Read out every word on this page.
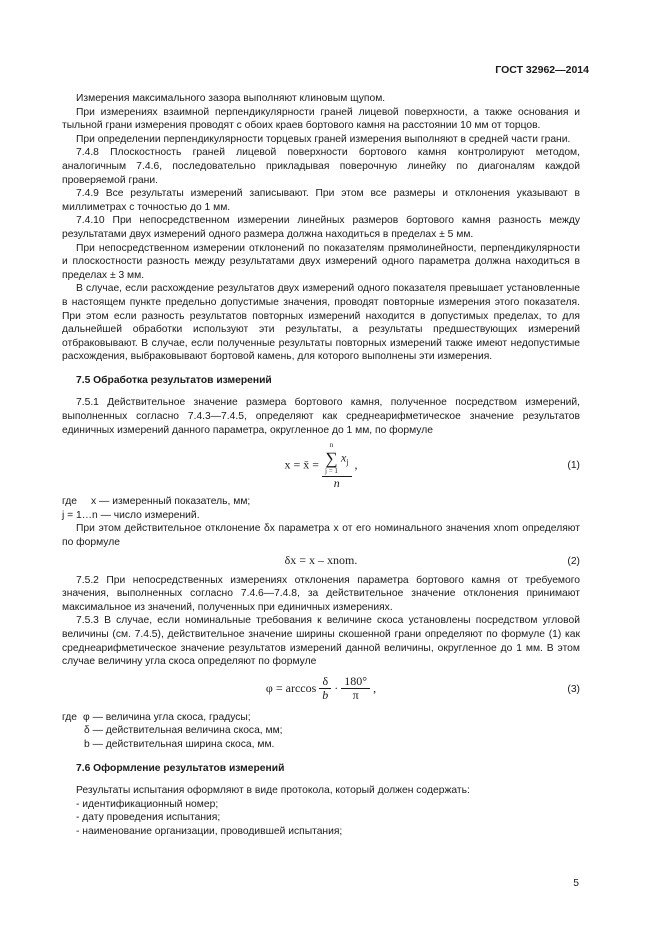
ГОСТ 32962—2014

Измерения максимального зазора выполняют клиновым щупом.

При измерениях взаимной перпендикулярности граней лицевой поверхности, а также основания и тыльной грани измерения проводят с обоих краев бортового камня на расстоянии 10 мм от торцов.

При определении перпендикулярности торцевых граней измерения выполняют в средней части грани.

7.4.8 Плоскостность граней лицевой поверхности бортового камня контролируют методом, аналогичным 7.4.6, последовательно прикладывая поверочную линейку по диагоналям каждой проверяемой грани.

7.4.9 Все результаты измерений записывают. При этом все размеры и отклонения указывают в миллиметрах с точностью до 1 мм.

7.4.10 При непосредственном измерении линейных размеров бортового камня разность между результатами двух измерений одного размера должна находиться в пределах ± 5 мм.

При непосредственном измерении отклонений по показателям прямолинейности, перпендикулярности и плоскостности разность между результатами двух измерений одного параметра должна находиться в пределах ± 3 мм.

В случае, если расхождение результатов двух измерений одного показателя превышает установленные в настоящем пункте предельно допустимые значения, проводят повторные измерения этого показателя. При этом если разность результатов повторных измерений находится в допустимых пределах, то для дальнейшей обработки используют эти результаты, а результаты предшествующих измерений отбраковывают. В случае, если полученные результаты повторных измерений также имеют недопустимые расхождения, выбраковывают бортовой камень, для которого выполнены эти измерения.

7.5 Обработка результатов измерений

7.5.1 Действительное значение размера бортового камня, полученное посредством измерений, выполненных согласно 7.4.3—7.4.5, определяют как среднеарифметическое значение результатов единичных измерений данного параметра, округленное до 1 мм, по формуле

x = x̄ =
n
∑
j = 1
$x_j$
n
,	(1)
где x — измеренный показатель, мм;
j = 1…n — число измерений.

При этом действительное отклонение δx параметра x от его номинального значения xnom определяют по формуле

δx = x – xnom.	(2)

7.5.2 При непосредственных измерениях отклонения параметра бортового камня от требуемого значения, выполненных согласно 7.4.6—7.4.8, за действительное значение отклонения принимают максимальное из значений, полученных при единичных измерениях.

7.5.3 В случае, если номинальные требования к величине скоса установлены посредством угловой величины (см. 7.4.5), действительное значение ширины скошенной грани определяют по формуле (1) как среднеарифметическое значение результатов измерений данной величины, округленное до 1 мм. В этом случае величину угла скоса определяют по формуле

$\varphi = \arccos \frac{\delta}{b} \cdot \frac{180^\circ}{\pi}$ ,	(3)
где φ — величина угла скоса, градусы;
δ — действительная величина скоса, мм;
b — действительная ширина скоса, мм.
7.6 Оформление результатов измерений

Результаты испытания оформляют в виде протокола, который должен содержать:

- идентификационный номер;

- дату проведения испытания;

- наименование организации, проводившей испытания;

5
